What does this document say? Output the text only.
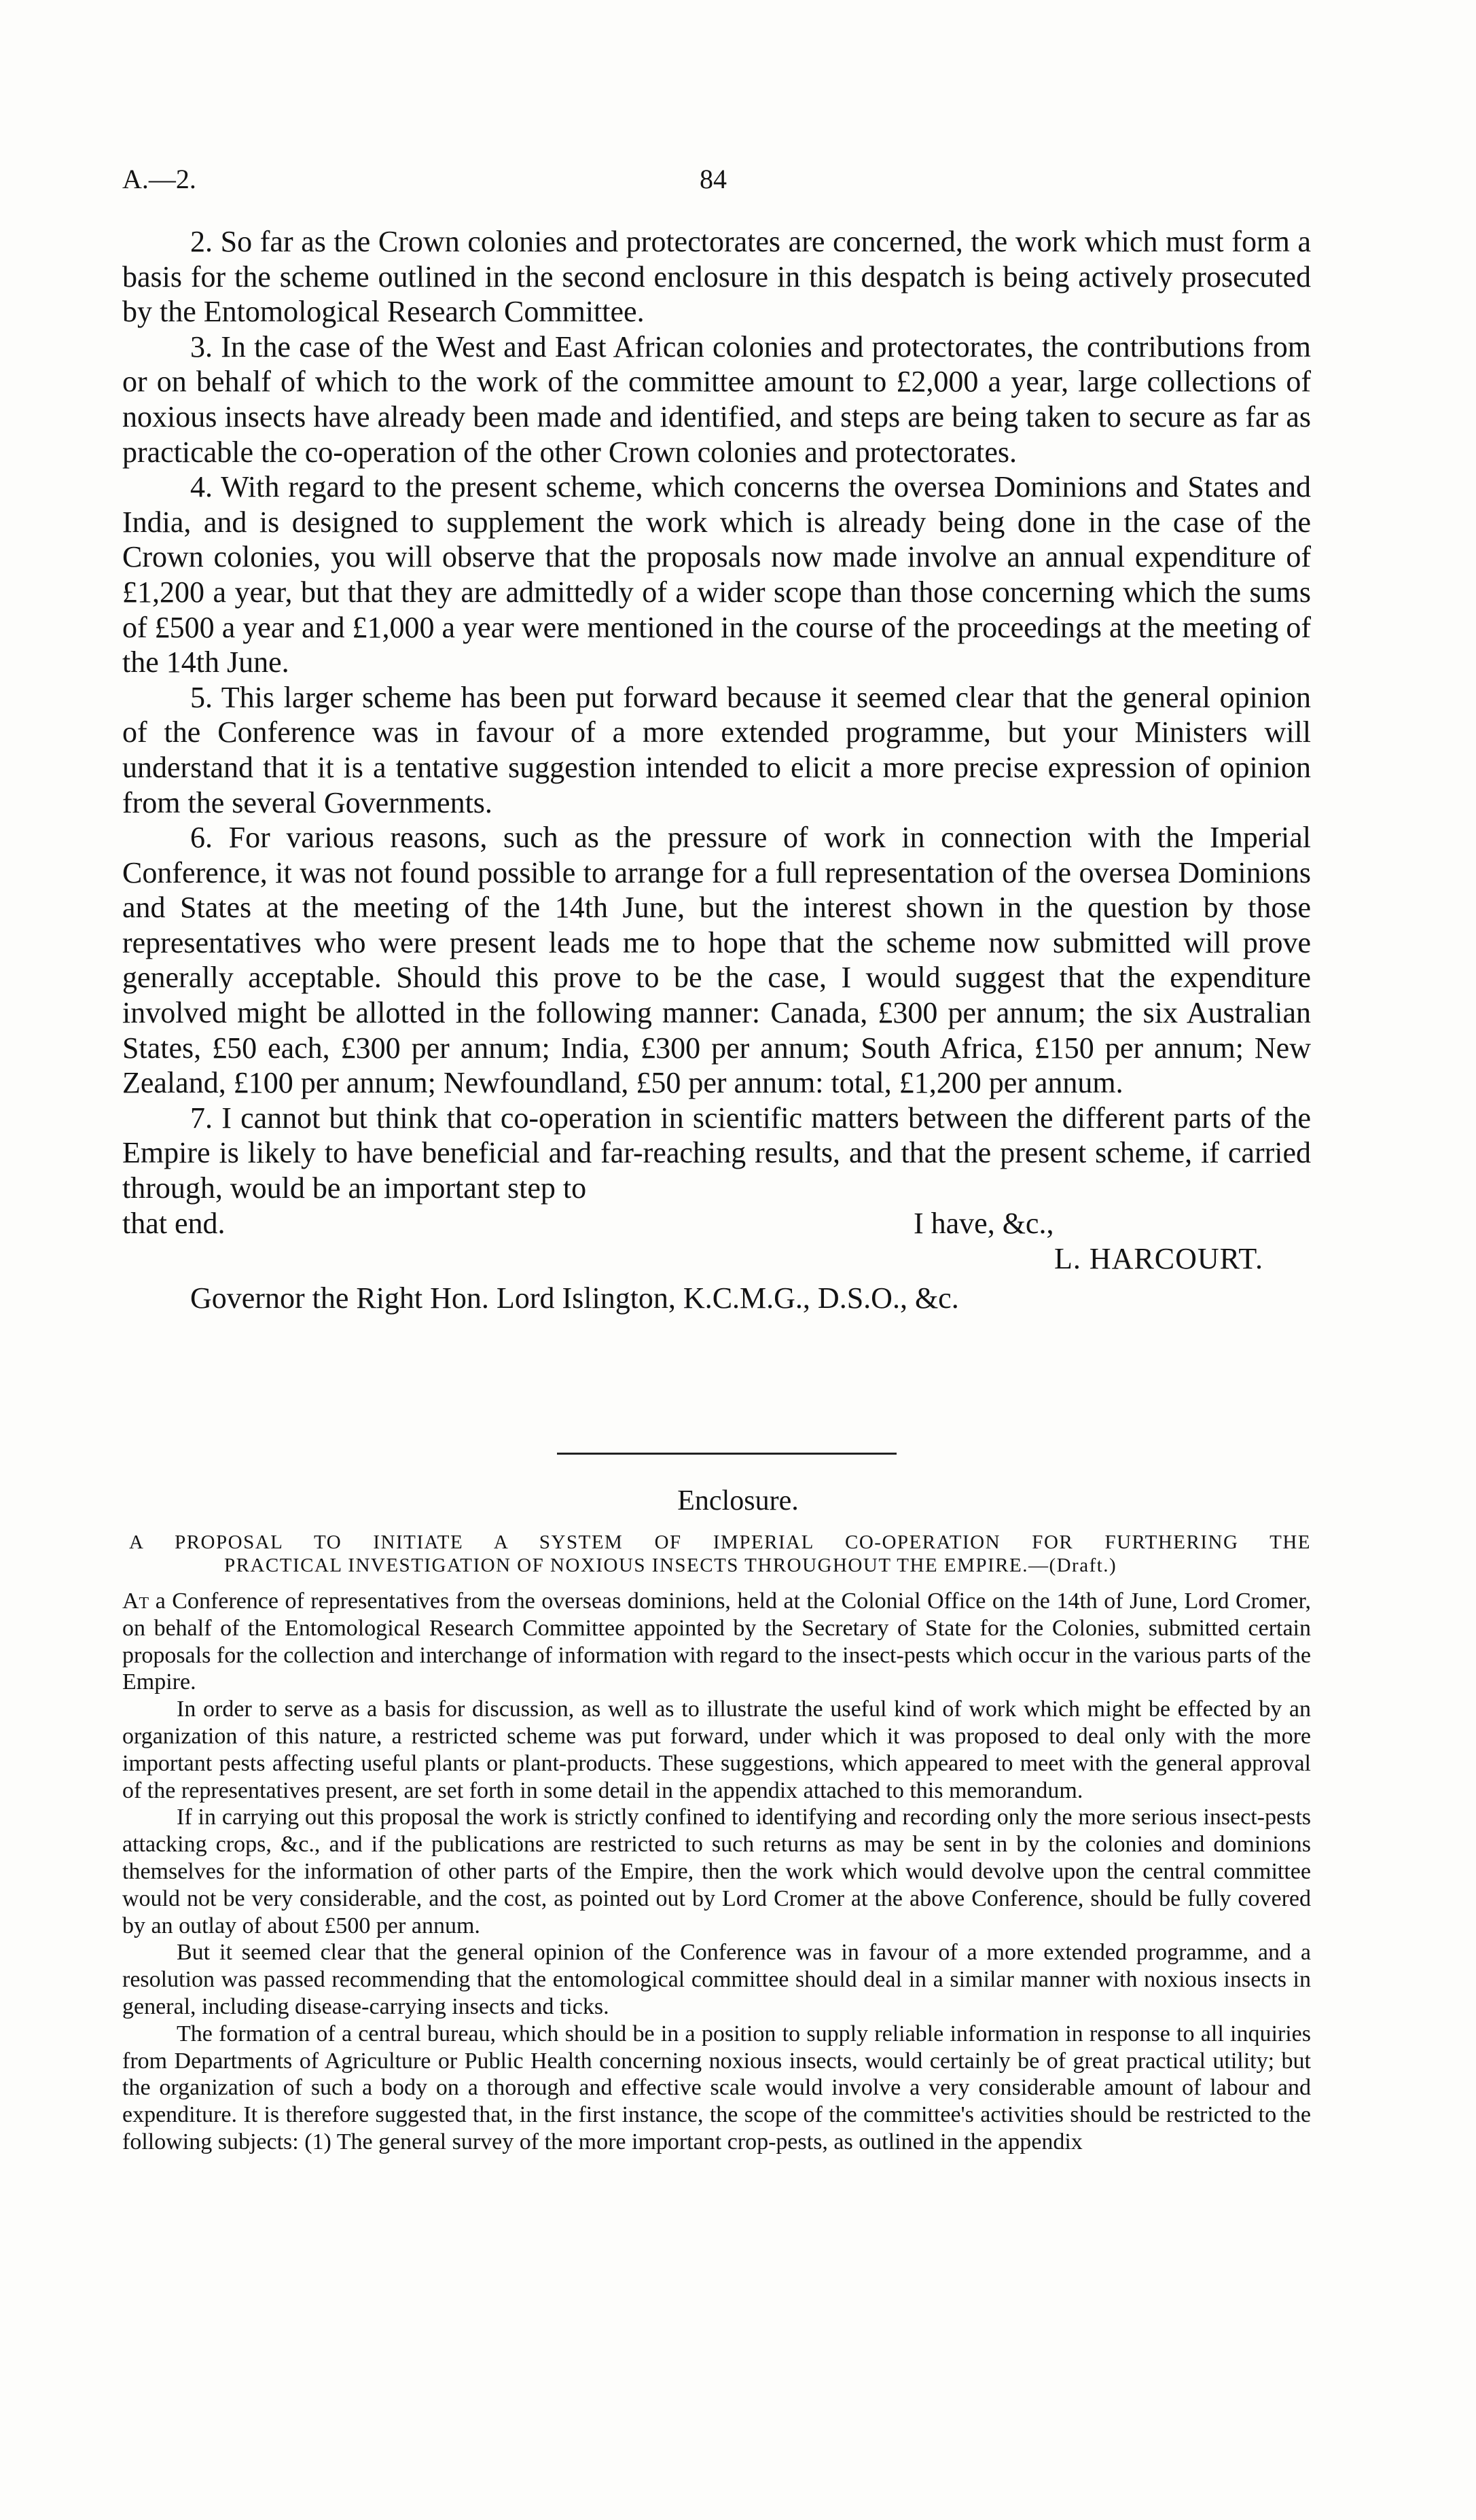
A.—2.	84

2. So far as the Crown colonies and protectorates are concerned, the work which must form a basis for the scheme outlined in the second enclosure in this despatch is being actively prosecuted by the Entomological Research Committee.

3. In the case of the West and East African colonies and protectorates, the contributions from or on behalf of which to the work of the committee amount to £2,000 a year, large collections of noxious insects have already been made and identified, and steps are being taken to secure as far as practicable the co-operation of the other Crown colonies and protectorates.

4. With regard to the present scheme, which concerns the oversea Dominions and States and India, and is designed to supplement the work which is already being done in the case of the Crown colonies, you will observe that the proposals now made involve an annual expenditure of £1,200 a year, but that they are admittedly of a wider scope than those concerning which the sums of £500 a year and £1,000 a year were mentioned in the course of the proceedings at the meeting of the 14th June.

5. This larger scheme has been put forward because it seemed clear that the general opinion of the Conference was in favour of a more extended programme, but your Ministers will understand that it is a tentative suggestion intended to elicit a more precise expression of opinion from the several Governments.

6. For various reasons, such as the pressure of work in connection with the Imperial Conference, it was not found possible to arrange for a full representation of the oversea Dominions and States at the meeting of the 14th June, but the interest shown in the question by those representatives who were present leads me to hope that the scheme now submitted will prove generally acceptable. Should this prove to be the case, I would suggest that the expenditure involved might be allotted in the following manner: Canada, £300 per annum; the six Australian States, £50 each, £300 per annum; India, £300 per annum; South Africa, £150 per annum; New Zealand, £100 per annum; Newfoundland, £50 per annum: total, £1,200 per annum.

7. I cannot but think that co-operation in scientific matters between the different parts of the Empire is likely to have beneficial and far-reaching results, and that the present scheme, if carried through, would be an important step to

that end.	I have, &c.,
L. HARCOURT.
Governor the Right Hon. Lord Islington, K.C.M.G., D.S.O., &c.
Enclosure.
A PROPOSAL TO INITIATE A SYSTEM OF IMPERIAL CO-OPERATION FOR FURTHERING THE
PRACTICAL INVESTIGATION OF NOXIOUS INSECTS THROUGHOUT THE EMPIRE.—(Draft.)

At a Conference of representatives from the overseas dominions, held at the Colonial Office on the 14th of June, Lord Cromer, on behalf of the Entomological Research Committee appointed by the Secretary of State for the Colonies, submitted certain proposals for the collection and interchange of information with regard to the insect-pests which occur in the various parts of the Empire.

In order to serve as a basis for discussion, as well as to illustrate the useful kind of work which might be effected by an organization of this nature, a restricted scheme was put forward, under which it was proposed to deal only with the more important pests affecting useful plants or plant-products. These suggestions, which appeared to meet with the general approval of the representatives present, are set forth in some detail in the appendix attached to this memorandum.

If in carrying out this proposal the work is strictly confined to identifying and recording only the more serious insect-pests attacking crops, &c., and if the publications are restricted to such returns as may be sent in by the colonies and dominions themselves for the information of other parts of the Empire, then the work which would devolve upon the central committee would not be very considerable, and the cost, as pointed out by Lord Cromer at the above Conference, should be fully covered by an outlay of about £500 per annum.

But it seemed clear that the general opinion of the Conference was in favour of a more extended programme, and a resolution was passed recommending that the entomological committee should deal in a similar manner with noxious insects in general, including disease-carrying insects and ticks.

The formation of a central bureau, which should be in a position to supply reliable information in response to all inquiries from Departments of Agriculture or Public Health concerning noxious insects, would certainly be of great practical utility; but the organization of such a body on a thorough and effective scale would involve a very considerable amount of labour and expenditure. It is therefore suggested that, in the first instance, the scope of the committee's activities should be restricted to the following subjects: (1) The general survey of the more important crop-pests, as outlined in the appendix
